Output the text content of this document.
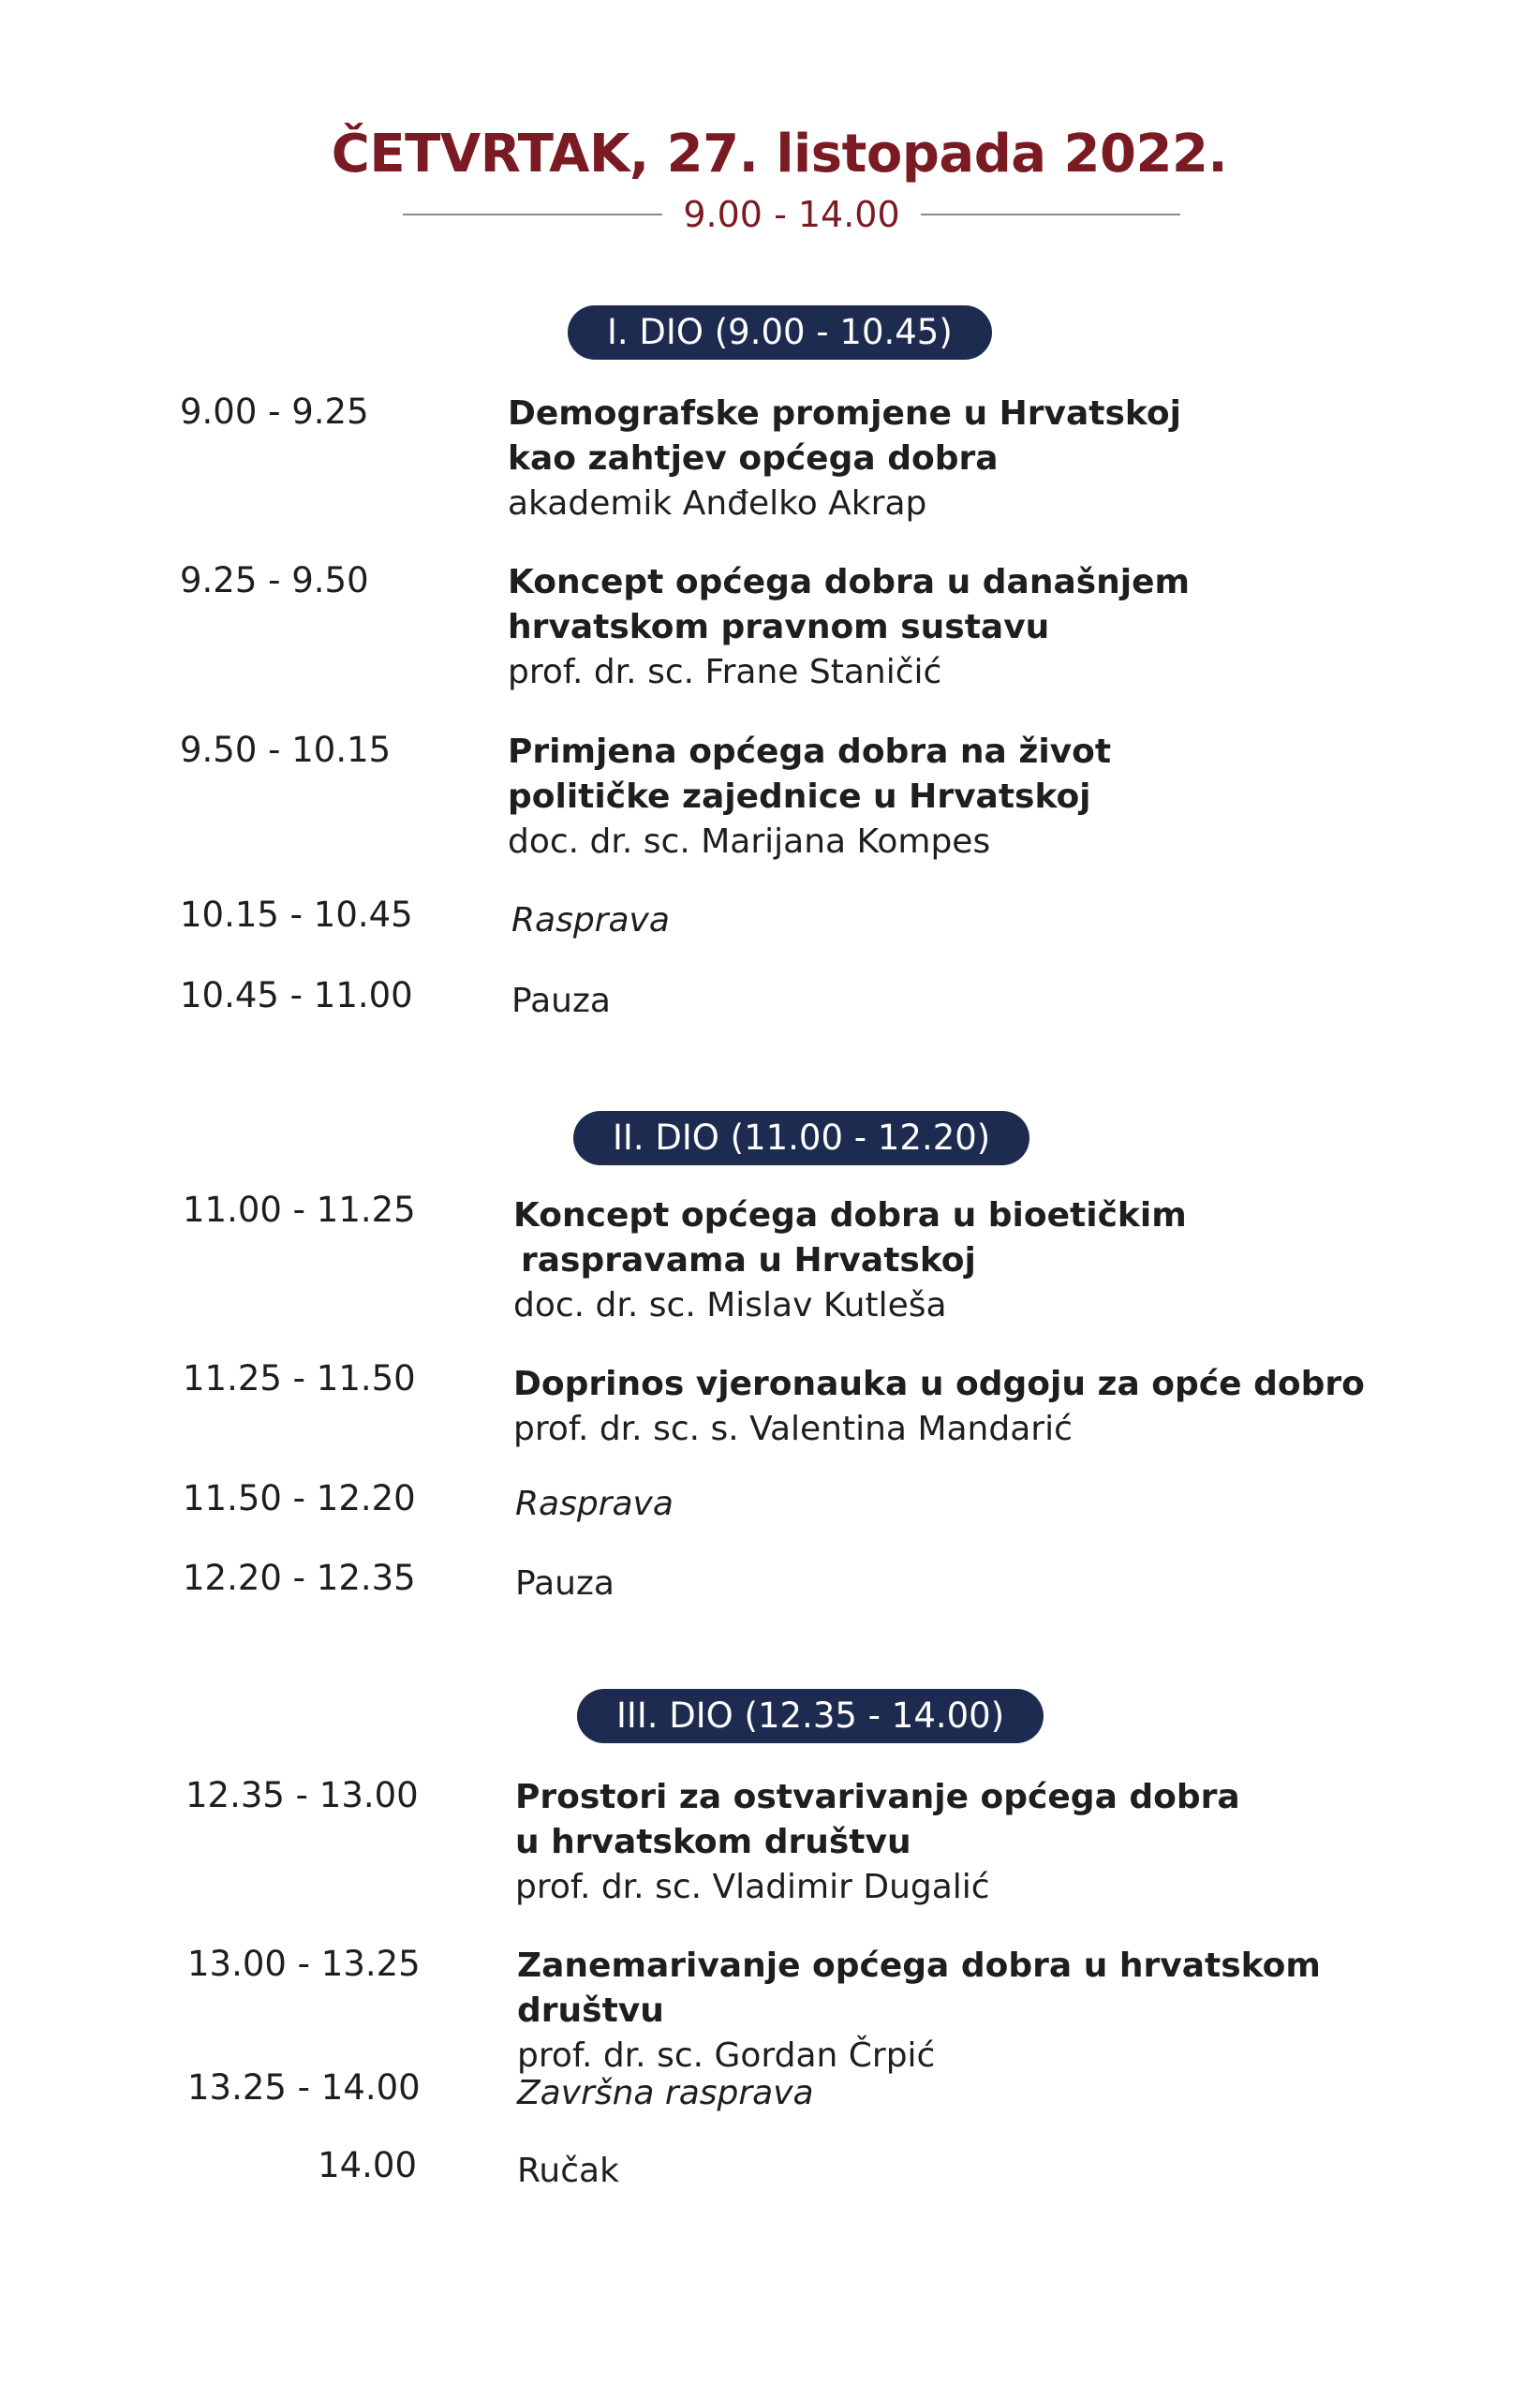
ČETVRTAK, 27. listopada 2022.
9.00 - 14.00
I. DIO (9.00 - 10.45)
9.00 - 9.25	Demografske promjene u Hrvatskoj
kao zahtjev općega dobra
akademik Anđelko Akrap
9.25 - 9.50	Koncept općega dobra u današnjem
hrvatskom pravnom sustavu
prof. dr. sc. Frane Staničić
9.50 - 10.15	Primjena općega dobra na život
političke zajednice u Hrvatskoj
doc. dr. sc. Marijana Kompes
10.15 - 10.45	Rasprava
10.45 - 11.00	Pauza
II. DIO (11.00 - 12.20)
11.00 - 11.25	Koncept općega dobra u bioetičkim
raspravama u Hrvatskoj
doc. dr. sc. Mislav Kutleša
11.25 - 11.50	Doprinos vjeronauka u odgoju za opće dobro
prof. dr. sc. s. Valentina Mandarić
11.50 - 12.20	Rasprava
12.20 - 12.35	Pauza
III. DIO (12.35 - 14.00)
12.35 - 13.00	Prostori za ostvarivanje općega dobra
u hrvatskom društvu
prof. dr. sc. Vladimir Dugalić
13.00 - 13.25	Zanemarivanje općega dobra u hrvatskom društvu
prof. dr. sc. Gordan Črpić
13.25 - 14.00	Završna rasprava
14.00	Ručak
